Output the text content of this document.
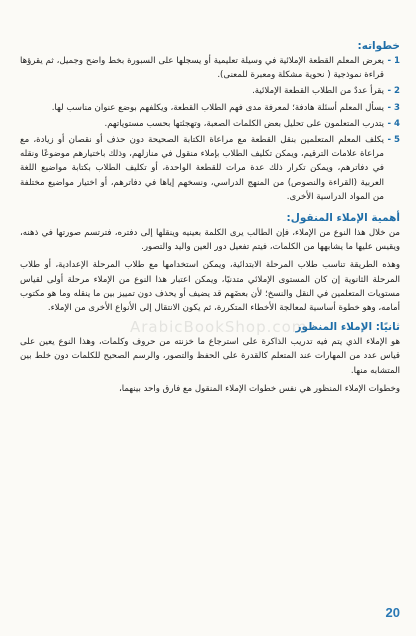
خطواته:

1 -
يعرض المعلم القطعة الإملائية في وسيلة تعليمية أو يسجلها على السبورة بخط واضح وجميل، ثم يقرؤها قراءة نموذجية ( نحوية مشكلة ومعبرة للمعنى).
2 -
يقرأ عددٌ من الطلاب القطعة الإملائية.
3 -
يسأل المعلم أسئلة هادفة؛ لمعرفة مدى فهم الطلاب القطعة، ويكلفهم بوضع عنوان مناسب لها.
4 -
يتدرب المتعلمون على تحليل بعض الكلمات الصعبة، وتهجئتها بحسب مستوياتهم.
5 -
يكلف المعلم المتعلمين بنقل القطعة مع مراعاة الكتابة الصحيحة دون حذف أو نقصان أو زيادة، مع مراعاة علامات الترقيم، ويمكن تكليف الطلاب بإملاء منقول في منازلهم، وذلك باختيارهم موضوعًا ونقله في دفاترهم، ويمكن تكرار ذلك عدة مرات للقطعة الواحدة، أو تكليف الطلاب بكتابة مواضيع اللغة العربية (القراءة والنصوص) من المنهج الدراسي، ونسخهم إياها في دفاترهم، أو اختيار مواضيع مختلفة من المواد الدراسية الأخرى.

أهمية الإملاء المنقول:

من خلال هذا النوع من الإملاء، فإن الطالب يرى الكلمة بعينيه وينقلها إلى دفتره، فترتسم صورتها في ذهنه، ويقيس عليها ما يشابهها من الكلمات، فيتم تفعيل دور العين واليد والتصور.

وهذه الطريقة تناسب طلاب المرحلة الابتدائية، ويمكن استخدامها مع طلاب المرحلة الإعدادية، أو طلاب المرحلة الثانوية إن كان المستوى الإملائي متدنيًا، ويمكن اعتبار هذا النوع من الإملاء مرحلة أولى لقياس مستويات المتعلمين في النقل والنسخ؛ لأن بعضَهم قد يضيف أو يحذف دون تمييز بين ما ينقله وما هو مكتوب أمامه، وهو خطوة أساسية لمعالجة الأخطاء المتكررة، ثم يكون الانتقال إلى الأنواع الأخرى من الإملاء.

ثانيًا: الإملاء المنظور

هو الإملاء الذي يتم فيه تدريب الذاكرة على استرجاع ما خزنته من حروف وكلمات، وهذا النوع يعين على قياس عدد من المهارات عند المتعلم كالقدرة على الحفظ والتصور، والرسم الصحيح للكلمات دون خلط بين المتشابه منها.

وخطوات الإملاء المنظور هي نفس خطوات الإملاء المنقول مع فارق واحد بينهما،

ArabicBookShop.com
20
